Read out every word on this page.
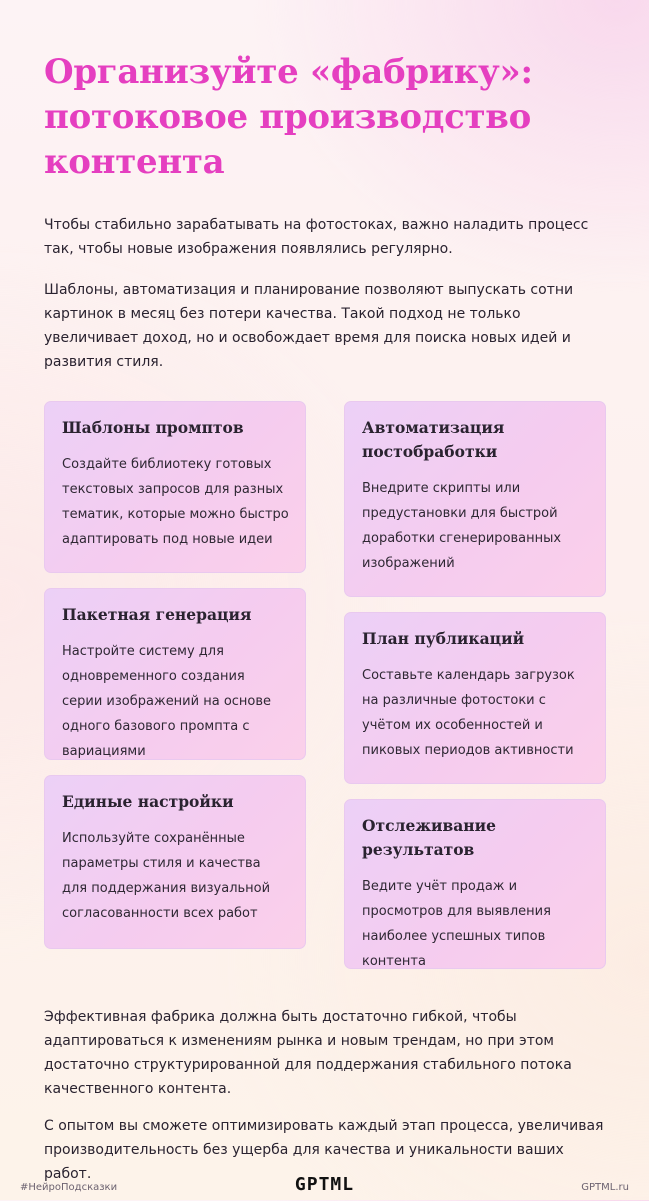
Организуйте «фабрику»: потоковое производство контента

Чтобы стабильно зарабатывать на фотостоках, важно наладить процесс так, чтобы новые изображения появлялись регулярно.

Шаблоны, автоматизация и планирование позволяют выпускать сотни картинок в месяц без потери качества. Такой подход не только увеличивает доход, но и освобождает время для поиска новых идей и развития стиля.

Шаблоны промптов

Создайте библиотеку готовых текстовых запросов для разных тематик, которые можно быстро адаптировать под новые идеи

Пакетная генерация

Настройте систему для одновременного создания серии изображений на основе одного базового промпта с вариациями

Единые настройки

Используйте сохранённые параметры стиля и качества для поддержания визуальной согласованности всех работ

Автоматизация постобработки

Внедрите скрипты или предустановки для быстрой доработки сгенерированных изображений

План публикаций

Составьте календарь загрузок на различные фотостоки с учётом их особенностей и пиковых периодов активности

Отслеживание результатов

Ведите учёт продаж и просмотров для выявления наиболее успешных типов контента

Эффективная фабрика должна быть достаточно гибкой, чтобы адаптироваться к изменениям рынка и новым трендам, но при этом достаточно структурированной для поддержания стабильного потока качественного контента.

С опытом вы сможете оптимизировать каждый этап процесса, увеличивая производительность без ущерба для качества и уникальности ваших работ.

#НейроПодсказки	GPTML	GPTML.ru
